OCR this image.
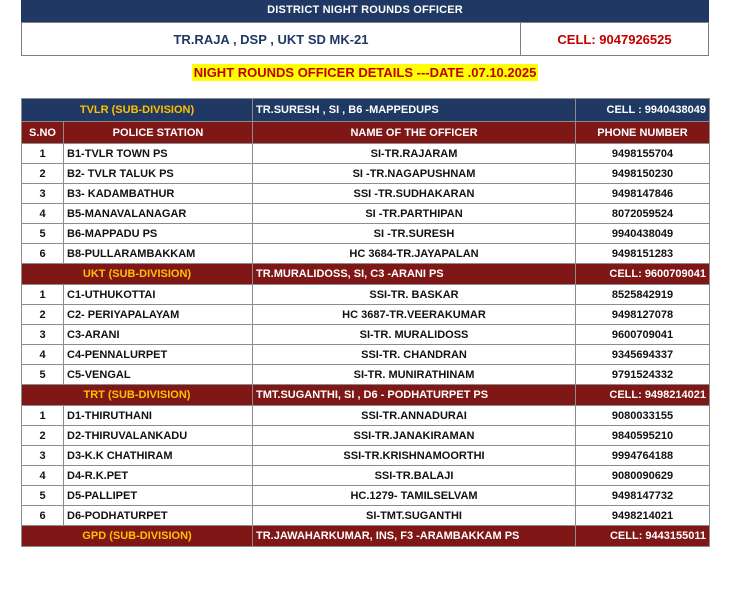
DISTRICT NIGHT ROUNDS OFFICER
TR.RAJA , DSP , UKT SD MK-21	CELL: 9047926525
NIGHT ROUNDS OFFICER DETAILS ---DATE .07.10.2025
TVLR (SUB-DIVISION)		TR.SURESH , SI , B6 -MAPPEDUPS	CELL : 9940438049
S.NO	POLICE STATION	NAME OF THE OFFICER	PHONE NUMBER
1	B1-TVLR TOWN PS	SI-TR.RAJARAM	9498155704
2	B2- TVLR TALUK PS	SI -TR.NAGAPUSHNAM	9498150230
3	B3- KADAMBATHUR	SSI -TR.SUDHAKARAN	9498147846
4	B5-MANAVALANAGAR	SI -TR.PARTHIPAN	8072059524
5	B6-MAPPADU PS	SI -TR.SURESH	9940438049
6	B8-PULLARAMBAKKAM	HC 3684-TR.JAYAPALAN	9498151283
UKT (SUB-DIVISION)		TR.MURALIDOSS, SI, C3 -ARANI PS	CELL: 9600709041
1	C1-UTHUKOTTAI	SSI-TR. BASKAR	8525842919
2	C2- PERIYAPALAYAM	HC 3687-TR.VEERAKUMAR	9498127078
3	C3-ARANI	SI-TR. MURALIDOSS	9600709041
4	C4-PENNALURPET	SSI-TR. CHANDRAN	9345694337
5	C5-VENGAL	SI-TR. MUNIRATHINAM	9791524332
TRT (SUB-DIVISION)		TMT.SUGANTHI, SI , D6 - PODHATURPET PS	CELL: 9498214021
1	D1-THIRUTHANI	SSI-TR.ANNADURAI	9080033155
2	D2-THIRUVALANKADU	SSI-TR.JANAKIRAMAN	9840595210
3	D3-K.K CHATHIRAM	SSI-TR.KRISHNAMOORTHI	9994764188
4	D4-R.K.PET	SSI-TR.BALAJI	9080090629
5	D5-PALLIPET	HC.1279- TAMILSELVAM	9498147732
6	D6-PODHATURPET	SI-TMT.SUGANTHI	9498214021
GPD (SUB-DIVISION)		TR.JAWAHARKUMAR, INS, F3 -ARAMBAKKAM PS	CELL: 9443155011
